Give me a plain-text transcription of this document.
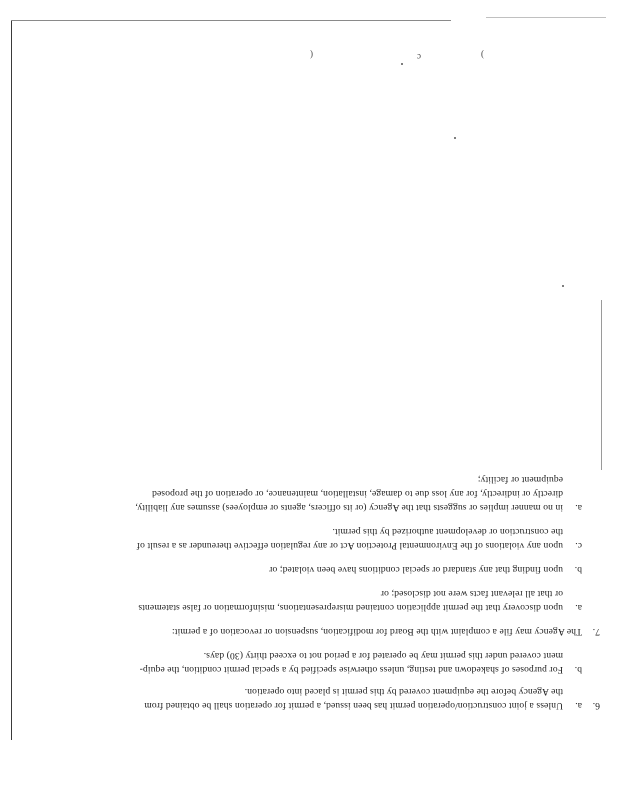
(	c	)
6.
a.
Unless a joint construction/operation permit has been issued, a permit for operation shall be obtained from
the Agency before the equipment covered by this permit is placed into operation.
b.
For purposes of shakedown and testing, unless otherwise specified by a special permit condition, the equip-
ment covered under this permit may be operated for a period not to exceed thirty (30) days.
7.
The Agency may file a complaint with the Board for modification, suspension or revocation of a permit:
a.
upon discovery that the permit application contained misrepresentations, misinformation or false statements
or that all relevant facts were not disclosed; or
b.
upon finding that any standard or special conditions have been violated; or
c.
upon any violations of the Environmental Protection Act or any regulation effective thereunder as a result of
the construction or development authorized by this permit.
a.
in no manner implies or suggests that the Agency (or its officers, agents or employees) assumes any liability,
directly or indirectly, for any loss due to damage, installation, maintenance, or operation of the proposed
equipment or facility;
